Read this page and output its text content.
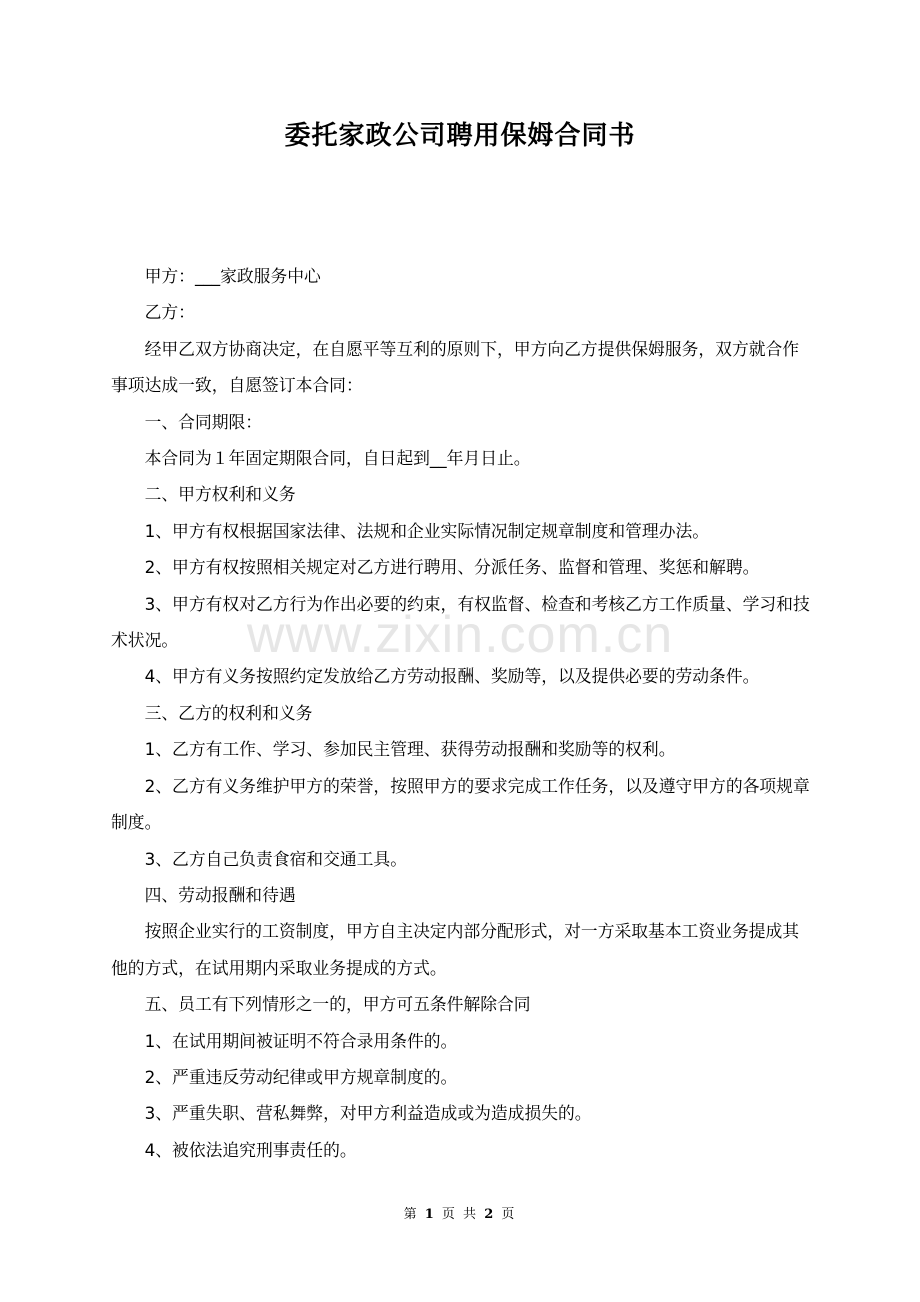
委托家政公司聘用保姆合同书

甲方：___家政服务中心

乙方：

经甲乙双方协商决定，在自愿平等互利的原则下，甲方向乙方提供保姆服务，双方就合作事项达成一致，自愿签订本合同：

一、合同期限：

本合同为１年固定期限合同，自日起到__年月日止。

二、甲方权利和义务

1、甲方有权根据国家法律、法规和企业实际情况制定规章制度和管理办法。

2、甲方有权按照相关规定对乙方进行聘用、分派任务、监督和管理、奖惩和解聘。

3、甲方有权对乙方行为作出必要的约束，有权监督、检查和考核乙方工作质量、学习和技术状况。

4、甲方有义务按照约定发放给乙方劳动报酬、奖励等，以及提供必要的劳动条件。

三、乙方的权利和义务

1、乙方有工作、学习、参加民主管理、获得劳动报酬和奖励等的权利。

2、乙方有义务维护甲方的荣誉，按照甲方的要求完成工作任务，以及遵守甲方的各项规章制度。

3、乙方自己负责食宿和交通工具。

四、劳动报酬和待遇

按照企业实行的工资制度，甲方自主决定内部分配形式，对一方采取基本工资业务提成其他的方式，在试用期内采取业务提成的方式。

五、员工有下列情形之一的，甲方可五条件解除合同

1、在试用期间被证明不符合录用条件的。

2、严重违反劳动纪律或甲方规章制度的。

3、严重失职、营私舞弊，对甲方利益造成或为造成损失的。

4、被依法追究刑事责任的。

www.zixin.com.cn
第 1 页 共 2 页
